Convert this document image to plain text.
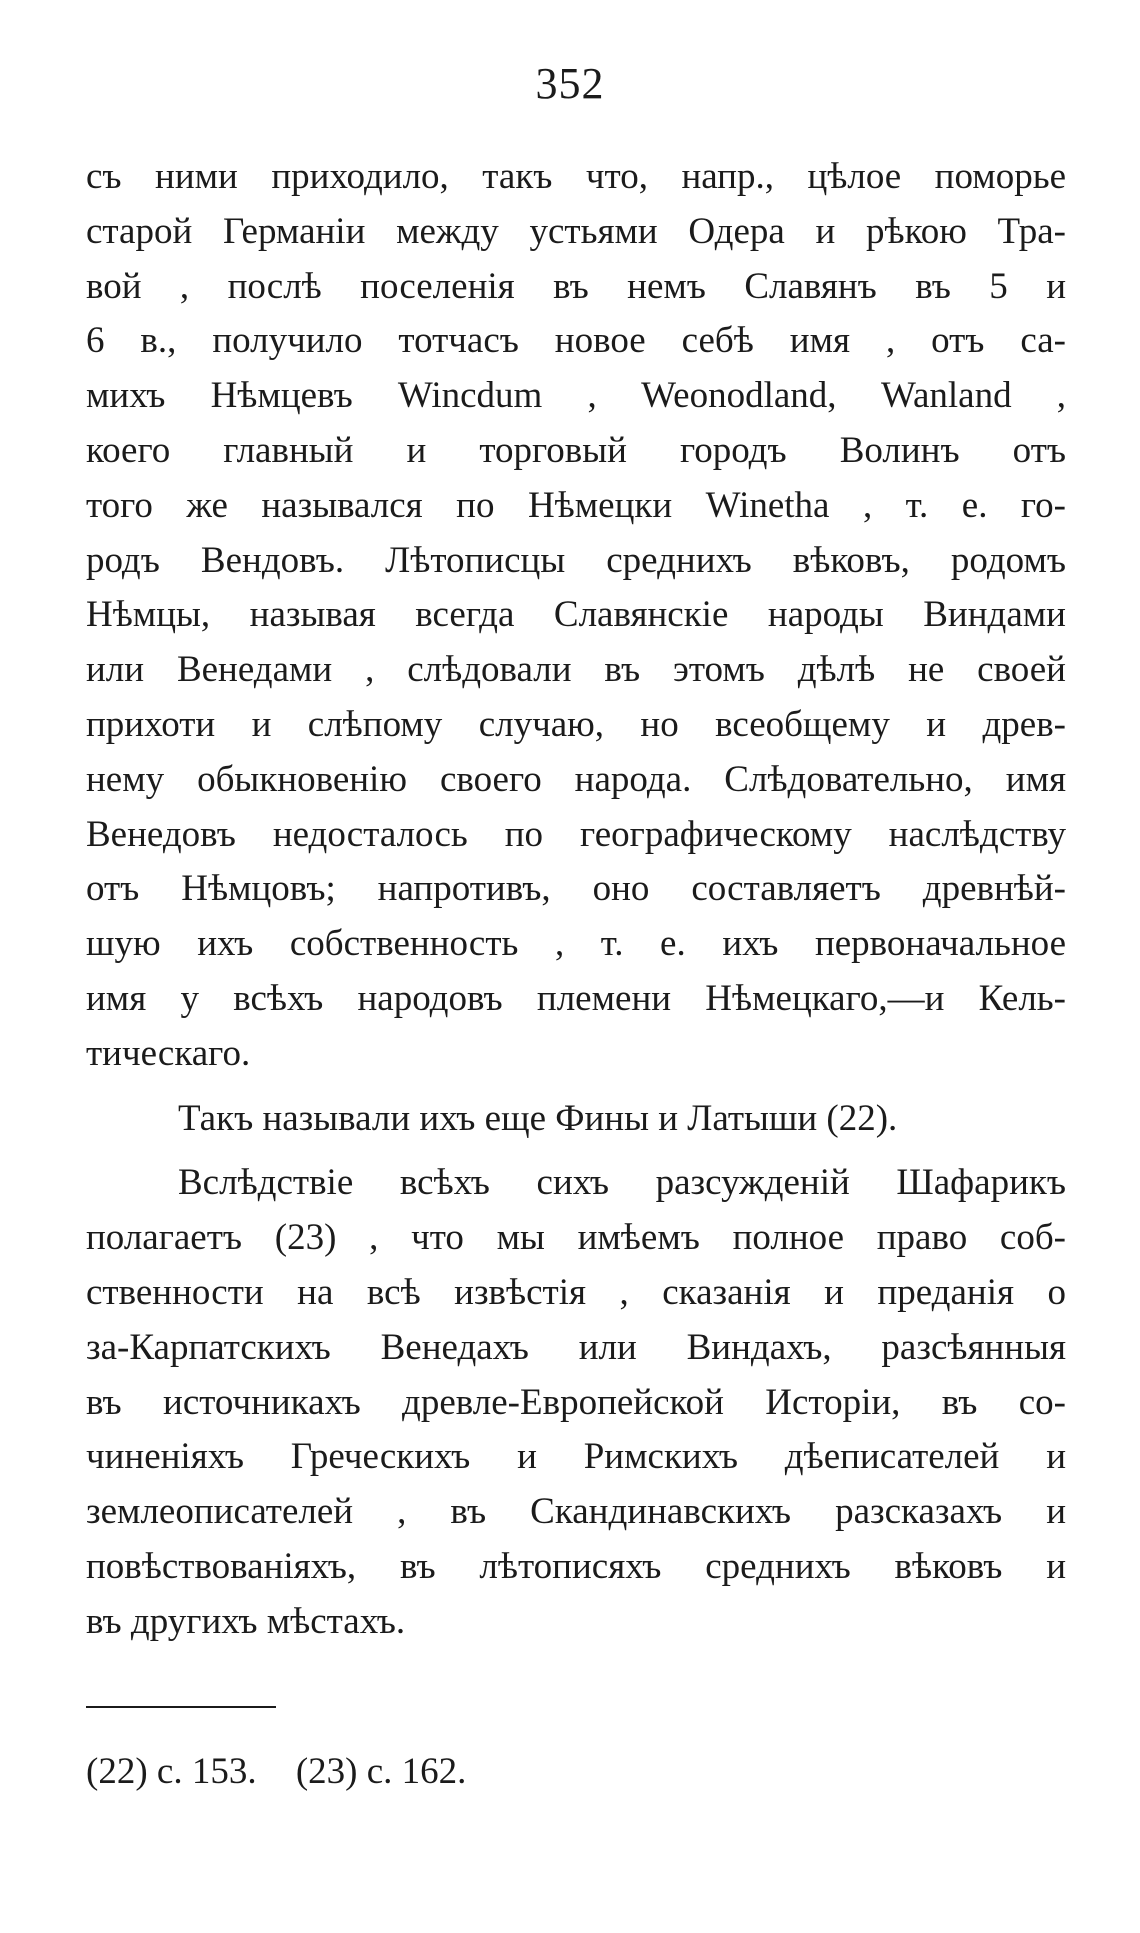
352
съ ними приходило, такъ что, напр., цѣлое поморье
старой Германіи между устьями Одера и рѣкою Тра-
вой , послѣ поселенія въ немъ Славянъ въ 5 и
6 в., получило тотчасъ новое себѣ имя , отъ са-
михъ Нѣмцевъ Wincdum , Weonodland, Wanland ,
коего главный и торговый городъ Волинъ отъ
того же назывался по Нѣмецки Winetha , т. е. го-
родъ Вендовъ. Лѣтописцы среднихъ вѣковъ, родомъ
Нѣмцы, называя всегда Славянскіе народы Виндами
или Венедами , слѣдовали въ этомъ дѣлѣ не своей
прихоти и слѣпому случаю, но всеобщему и древ-
нему обыкновенію своего народа. Слѣдовательно, имя
Венедовъ недосталось по географическому наслѣдству
отъ Нѣмцовъ; напротивъ, оно составляетъ древнѣй-
шую ихъ собственность , т. е. ихъ первоначальное
имя у всѣхъ народовъ племени Нѣмецкаго,—и Кель-
тическаго.
Такъ называли ихъ еще Фины и Латыши (22).
Вслѣдствіе всѣхъ сихъ разсужденій Шафарикъ
полагаетъ (23) , что мы имѣемъ полное право соб-
ственности на всѣ извѣстія , сказанія и преданія о
за-Карпатскихъ Венедахъ или Виндахъ, разсѣянныя
въ источникахъ древле-Европейской Исторіи, въ со-
чиненіяхъ Греческихъ и Римскихъ дѣеписателей и
землеописателей , въ Скандинавскихъ разсказахъ и
повѣствованіяхъ, въ лѣтописяхъ среднихъ вѣковъ и
въ другихъ мѣстахъ.
(22) с. 153. (23) с. 162.
